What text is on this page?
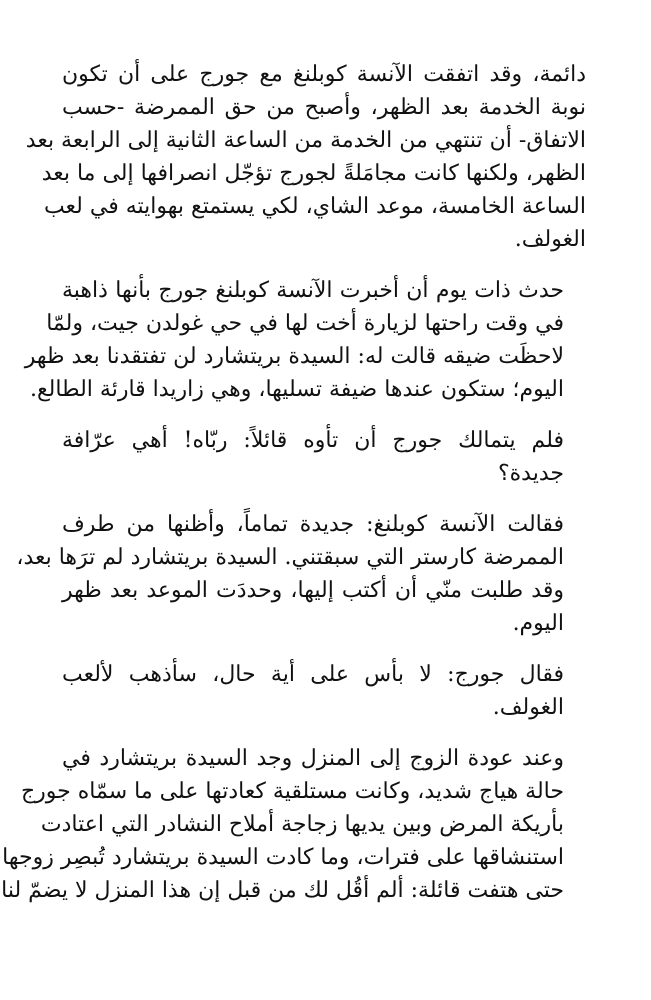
دائمة، وقد اتفقت الآنسة كوبلنغ مع جورج على أن تكون
نوبة الخدمة بعد الظهر، وأصبح من حق الممرضة -حسب
الاتفاق- أن تنتهي من الخدمة من الساعة الثانية إلى الرابعة بعد
الظهر، ولكنها كانت مجامَلةً لجورج تؤجّل انصرافها إلى ما بعد
الساعة الخامسة، موعد الشاي، لكي يستمتع بهوايته في لعب
الغولف.

حدث ذات يوم أن أخبرت الآنسة كوبلنغ جورج بأنها ذاهبة
في وقت راحتها لزيارة أخت لها في حي غولدن جيت، ولمّا
لاحظَت ضيقه قالت له: السيدة بريتشارد لن تفتقدنا بعد ظهر
اليوم؛ ستكون عندها ضيفة تسليها، وهي زاريدا قارئة الطالع.

فلم يتمالك جورج أن تأوه قائلاً: ربّاه! أهي عرّافة
جديدة؟

فقالت الآنسة كوبلنغ: جديدة تماماً، وأظنها من طرف
الممرضة كارستر التي سبقتني. السيدة بريتشارد لم ترَها بعد،
وقد طلبت منّي أن أكتب إليها، وحددَت الموعد بعد ظهر
اليوم.

فقال جورج: لا بأس على أية حال، سأذهب لألعب
الغولف.

وعند عودة الزوج إلى المنزل وجد السيدة بريتشارد في
حالة هياج شديد، وكانت مستلقية كعادتها على ما سمّاه جورج
بأريكة المرض وبين يديها زجاجة أملاح النشادر التي اعتادت
استنشاقها على فترات، وما كادت السيدة بريتشارد تُبصِر زوجها
حتى هتفت قائلة: ألم أقُل لك من قبل إن هذا المنزل لا يضمّ لنا
